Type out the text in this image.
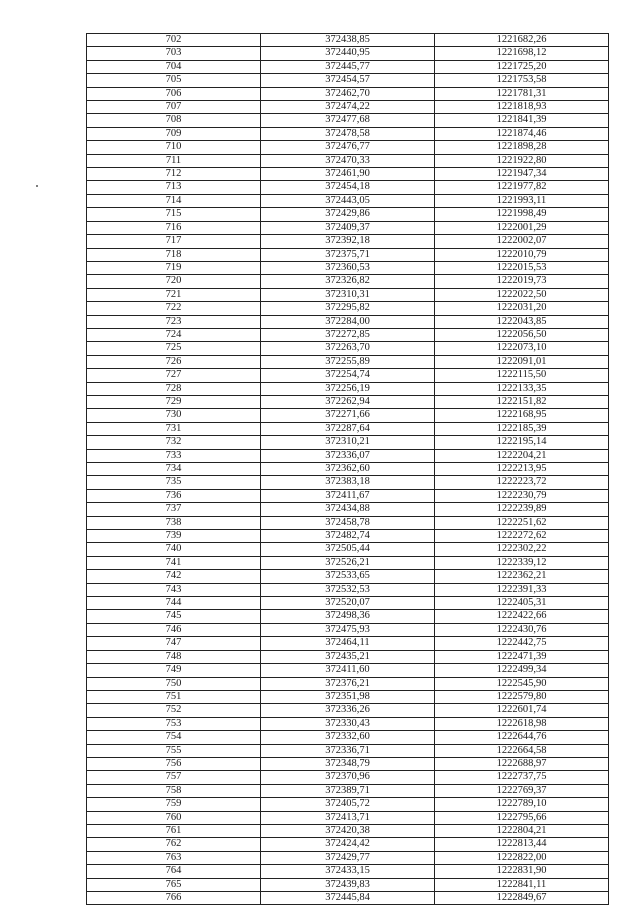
702	372438,85	1221682,26
703	372440,95	1221698,12
704	372445,77	1221725,20
705	372454,57	1221753,58
706	372462,70	1221781,31
707	372474,22	1221818,93
708	372477,68	1221841,39
709	372478,58	1221874,46
710	372476,77	1221898,28
711	372470,33	1221922,80
712	372461,90	1221947,34
713	372454,18	1221977,82
714	372443,05	1221993,11
715	372429,86	1221998,49
716	372409,37	1222001,29
717	372392,18	1222002,07
718	372375,71	1222010,79
719	372360,53	1222015,53
720	372326,82	1222019,73
721	372310,31	1222022,50
722	372295,82	1222031,20
723	372284,00	1222043,85
724	372272,85	1222056,50
725	372263,70	1222073,10
726	372255,89	1222091,01
727	372254,74	1222115,50
728	372256,19	1222133,35
729	372262,94	1222151,82
730	372271,66	1222168,95
731	372287,64	1222185,39
732	372310,21	1222195,14
733	372336,07	1222204,21
734	372362,60	1222213,95
735	372383,18	1222223,72
736	372411,67	1222230,79
737	372434,88	1222239,89
738	372458,78	1222251,62
739	372482,74	1222272,62
740	372505,44	1222302,22
741	372526,21	1222339,12
742	372533,65	1222362,21
743	372532,53	1222391,33
744	372520,07	1222405,31
745	372498,36	1222422,66
746	372475,93	1222430,76
747	372464,11	1222442,75
748	372435,21	1222471,39
749	372411,60	1222499,34
750	372376,21	1222545,90
751	372351,98	1222579,80
752	372336,26	1222601,74
753	372330,43	1222618,98
754	372332,60	1222644,76
755	372336,71	1222664,58
756	372348,79	1222688,97
757	372370,96	1222737,75
758	372389,71	1222769,37
759	372405,72	1222789,10
760	372413,71	1222795,66
761	372420,38	1222804,21
762	372424,42	1222813,44
763	372429,77	1222822,00
764	372433,15	1222831,90
765	372439,83	1222841,11
766	372445,84	1222849,67
